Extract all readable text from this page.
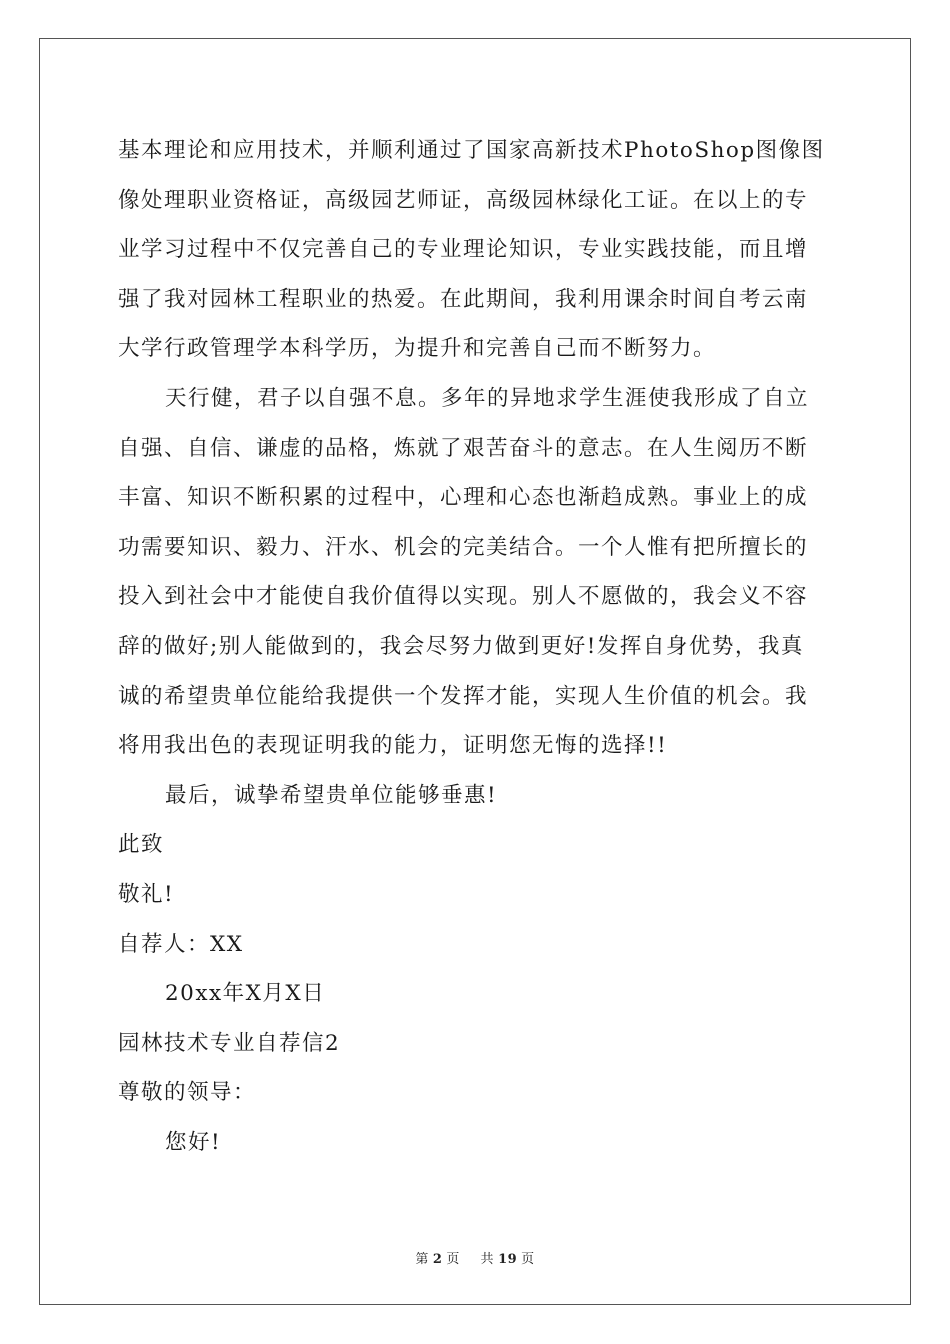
基本理论和应用技术，并顺利通过了国家高新技术PhotoShop图像图
像处理职业资格证，高级园艺师证，高级园林绿化工证。在以上的专
业学习过程中不仅完善自己的专业理论知识，专业实践技能，而且增
强了我对园林工程职业的热爱。在此期间，我利用课余时间自考云南
大学行政管理学本科学历，为提升和完善自己而不断努力。
天行健，君子以自强不息。多年的异地求学生涯使我形成了自立
自强、自信、谦虚的品格，炼就了艰苦奋斗的意志。在人生阅历不断
丰富、知识不断积累的过程中，心理和心态也渐趋成熟。事业上的成
功需要知识、毅力、汗水、机会的完美结合。一个人惟有把所擅长的
投入到社会中才能使自我价值得以实现。别人不愿做的，我会义不容
辞的做好;别人能做到的，我会尽努力做到更好!发挥自身优势，我真
诚的希望贵单位能给我提供一个发挥才能，实现人生价值的机会。我
将用我出色的表现证明我的能力，证明您无悔的选择!!
最后，诚挚希望贵单位能够垂惠!
此致
敬礼!
自荐人：XX
20xx年X月X日
园林技术专业自荐信2
尊敬的领导：
您好!
第 2 页 共 19 页
